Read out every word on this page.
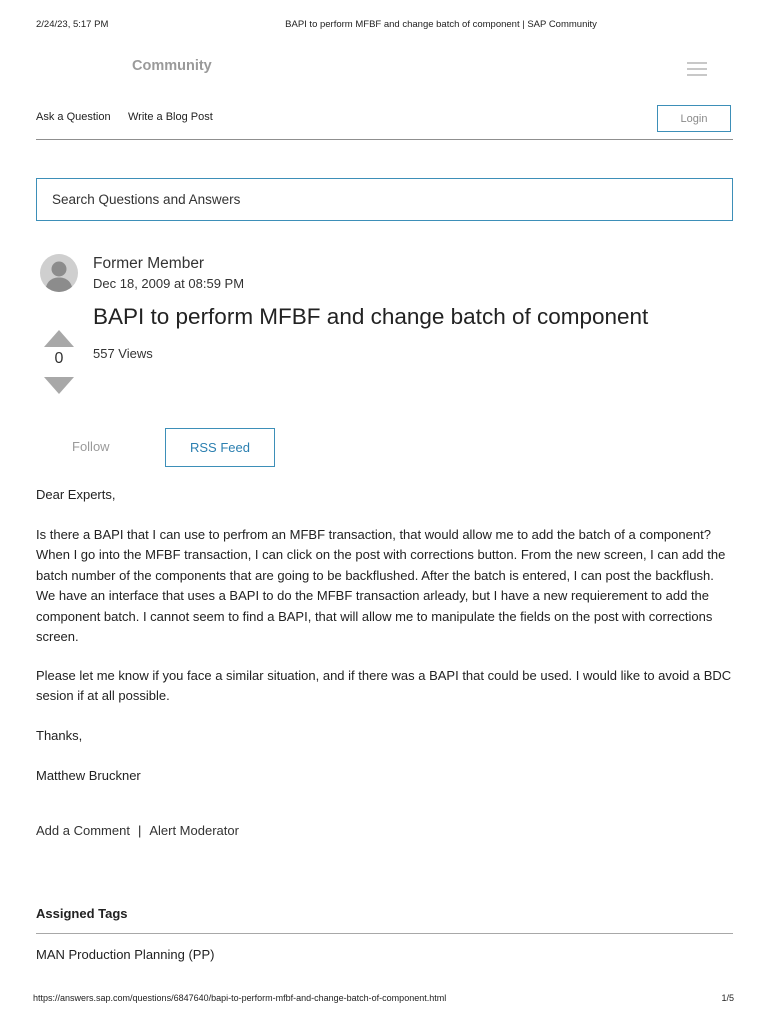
2/24/23, 5:17 PM	BAPI to perform MFBF and change batch of component | SAP Community
Community
Ask a Question Write a Blog Post	Login
Search Questions and Answers
Former Member
Dec 18, 2009 at 08:59 PM
BAPI to perform MFBF and change batch of component
557 Views
0
Follow	RSS Feed

Dear Experts,

Is there a BAPI that I can use to perfrom an MFBF transaction, that would allow me to add the batch of a component? When I go into the MFBF transaction, I can click on the post with corrections button. From the new screen, I can add the batch number of the components that are going to be backflushed. After the batch is entered, I can post the backflush. We have an interface that uses a BAPI to do the MFBF transaction arleady, but I have a new requierement to add the component batch. I cannot seem to find a BAPI, that will allow me to manipulate the fields on the post with corrections screen.

Please let me know if you face a similar situation, and if there was a BAPI that could be used. I would like to avoid a BDC sesion if at all possible.

Thanks,

Matthew Bruckner

Add a Comment | Alert Moderator
Assigned Tags
MAN Production Planning (PP)
https://answers.sap.com/questions/6847640/bapi-to-perform-mfbf-and-change-batch-of-component.html	1/5
